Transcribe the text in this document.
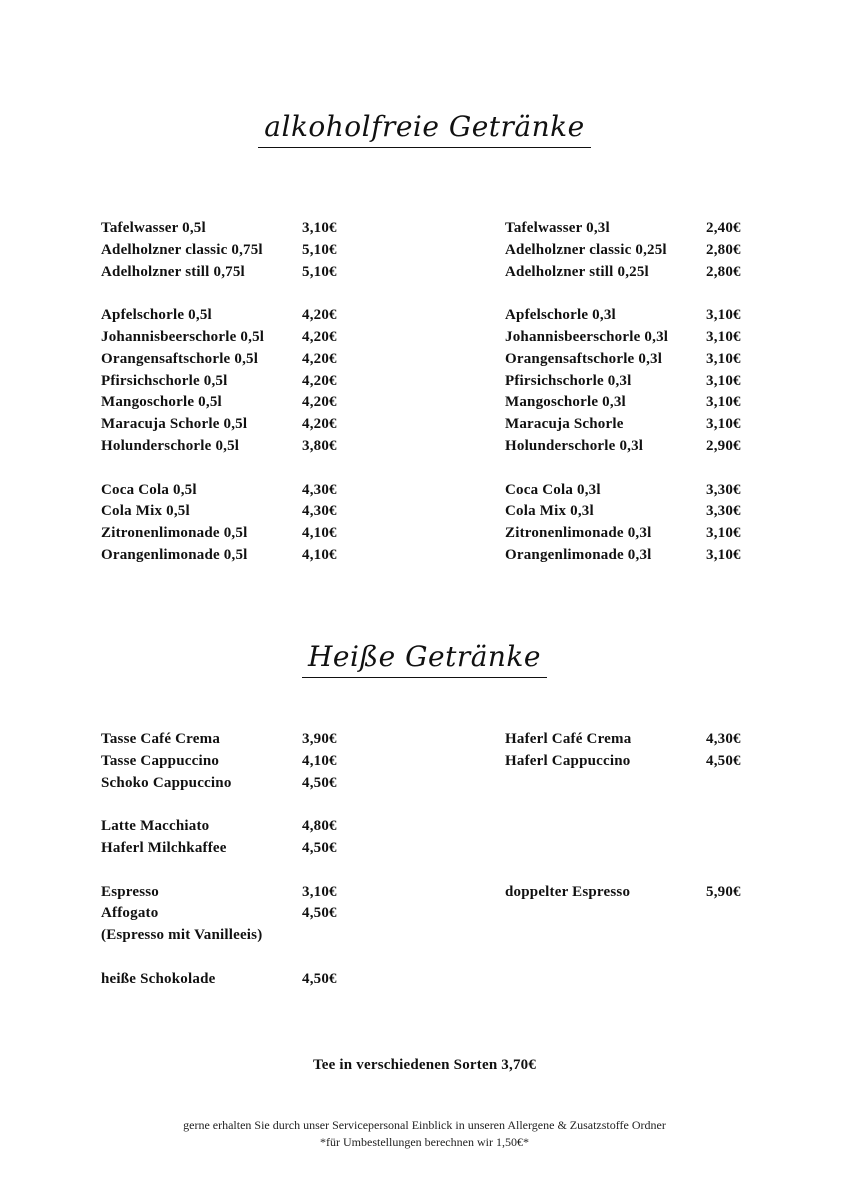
alkoholfreie Getränke
Tafelwasser 0,5l	3,10€
Adelholzner classic 0,75l	5,10€
Adelholzner still 0,75l	5,10€
Apfelschorle 0,5l	4,20€
Johannisbeerschorle 0,5l	4,20€
Orangensaftschorle 0,5l	4,20€
Pfirsichschorle 0,5l	4,20€
Mangoschorle 0,5l	4,20€
Maracuja Schorle 0,5l	4,20€
Holunderschorle 0,5l	3,80€
Coca Cola 0,5l	4,30€
Cola Mix 0,5l	4,30€
Zitronenlimonade 0,5l	4,10€
Orangenlimonade 0,5l	4,10€
Tafelwasser 0,3l	2,40€
Adelholzner classic 0,25l	2,80€
Adelholzner still 0,25l	2,80€
Apfelschorle 0,3l	3,10€
Johannisbeerschorle 0,3l	3,10€
Orangensaftschorle 0,3l	3,10€
Pfirsichschorle 0,3l	3,10€
Mangoschorle 0,3l	3,10€
Maracuja Schorle	3,10€
Holunderschorle 0,3l	2,90€
Coca Cola 0,3l	3,30€
Cola Mix 0,3l	3,30€
Zitronenlimonade 0,3l	3,10€
Orangenlimonade 0,3l	3,10€
Heiße Getränke
Tasse Café Crema	3,90€
Tasse Cappuccino	4,10€
Schoko Cappuccino	4,50€
Latte Macchiato	4,80€
Haferl Milchkaffee	4,50€
Espresso	3,10€
Affogato	4,50€
(Espresso mit Vanilleeis)
heiße Schokolade	4,50€
Haferl Café Crema	4,30€
Haferl Cappuccino	4,50€
doppelter Espresso	5,90€
Tee in verschiedenen Sorten 3,70€
gerne erhalten Sie durch unser Servicepersonal Einblick in unseren Allergene & Zusatzstoffe Ordner
*für Umbestellungen berechnen wir 1,50€*
